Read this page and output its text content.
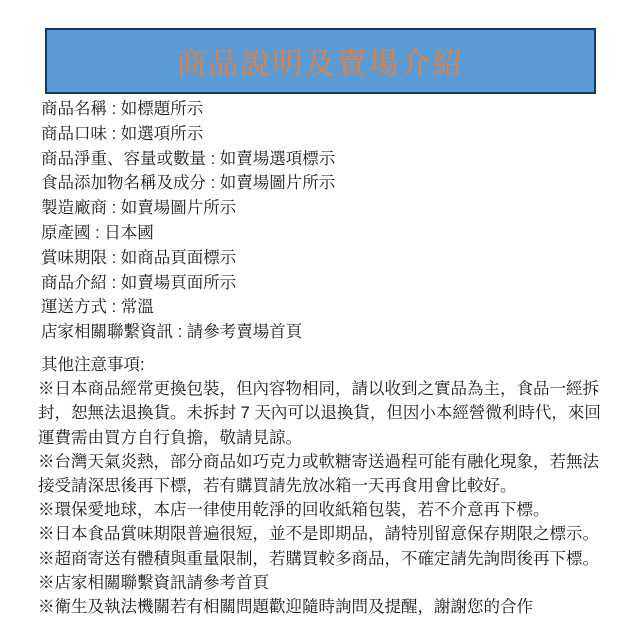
商品說明及賣場介紹
商品名稱 : 如標題所示
商品口味 : 如選項所示
商品淨重、容量或數量 : 如賣場選項標示
食品添加物名稱及成分 : 如賣場圖片所示
製造廠商 : 如賣場圖片所示
原產國 : 日本國
賞味期限 : 如商品頁面標示
商品介紹 : 如賣場頁面所示
運送方式 : 常溫
店家相關聯繫資訊 : 請參考賣場首頁
其他注意事項:
※日本商品經常更換包裝，但內容物相同，請以收到之實品為主，食品一經拆封，恕無法退換貨。未拆封 7 天內可以退換貨，但因小本經營微利時代，來回運費需由買方自行負擔，敬請見諒。
※台灣天氣炎熱，部分商品如巧克力或軟糖寄送過程可能有融化現象，若無法接受請深思後再下標，若有購買請先放冰箱一天再食用會比較好。
※環保愛地球，本店一律使用乾淨的回收紙箱包裝，若不介意再下標。
※日本食品賞味期限普遍很短，並不是即期品，請特別留意保存期限之標示。
※超商寄送有體積與重量限制，若購買較多商品，不確定請先詢問後再下標。
※店家相關聯繫資訊請參考首頁
※衛生及執法機關若有相關問題歡迎隨時詢問及提醒，謝謝您的合作
